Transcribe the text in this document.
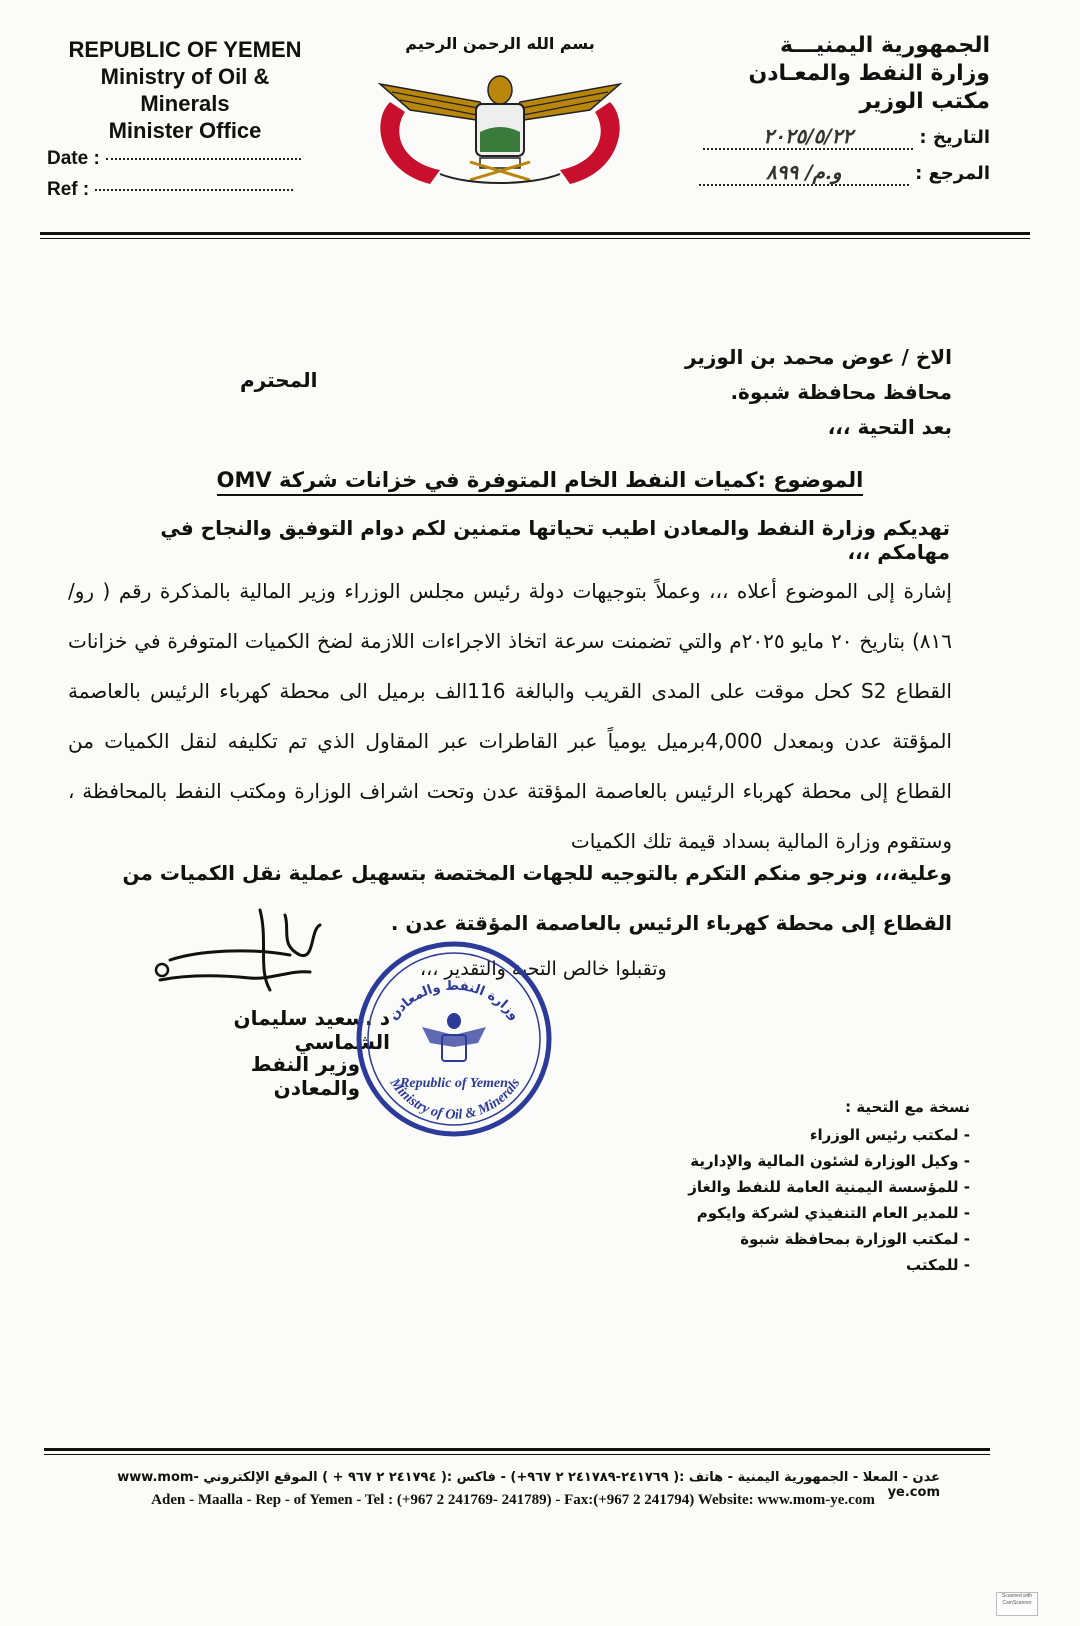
REPUBLIC OF YEMEN
Ministry of Oil &
Minerals
Minister Office
Date :
Ref :
بسم الله الرحمن الرحيم	الجمهورية اليمنيـــة
وزارة النفط والمعـادن
مكتب الوزير
التاريخ : ٢٠٢٥/٥/٢٢
المرجع : و.م/ ٨٩٩
الاخ / عوض محمد بن الوزير
محافظ محافظة شبوة.
بعد التحية ،،،
المحترم
الموضوع :كميات النفط الخام المتوفرة في خزانات شركة OMV
تهديكم وزارة النفط والمعادن اطيب تحياتها متمنين لكم دوام التوفيق والنجاح في مهامكم ،،،
إشارة إلى الموضوع أعلاه ،،، وعملاً بتوجيهات دولة رئيس مجلس الوزراء وزير المالية بالمذكرة رقم ( رو/٨١٦) بتاريخ ٢٠ مايو ٢٠٢٥م والتي تضمنت سرعة اتخاذ الاجراءات اللازمة لضخ الكميات المتوفرة في خزانات القطاع S2 كحل موقت على المدى القريب والبالغة 116الف برميل الى محطة كهرباء الرئيس بالعاصمة المؤقتة عدن وبمعدل 4,000برميل يومياً عبر القاطرات عبر المقاول الذي تم تكليفه لنقل الكميات من القطاع إلى محطة كهرباء الرئيس بالعاصمة المؤقتة عدن وتحت اشراف الوزارة ومكتب النفط بالمحافظة ، وستقوم وزارة المالية بسداد قيمة تلك الكميات
وعلية،،، ونرجو منكم التكرم بالتوجيه للجهات المختصة بتسهيل عملية نقل الكميات من القطاع إلى محطة كهرباء الرئيس بالعاصمة المؤقتة عدن .
وتقبلوا خالص التحية والتقدير ،،،
د .سعيد سليمان الشماسي
وزير النفط والمعادن
وزارة النفط والمعادن
Republic of Yemen
Ministry of Oil & Minerals
نسخة مع التحية :
- لمكتب رئيس الوزراء
- وكيل الوزارة لشئون المالية والإدارية
- للمؤسسة اليمنية العامة للنفط والغاز
- للمدير العام التنفيذي لشركة وايكوم
- لمكتب الوزارة بمحافظة شبوة
- للمكتب
عدن - المعلا - الجمهورية اليمنية - هاتف :( ٢٤١٧٦٩-٢٤١٧٨٩ ٢ ٩٦٧+) - فاكس :( ٢٤١٧٩٤ ٢ ٩٦٧ + ) الموقع الإلكتروني www.mom-ye.com
Aden - Maalla - Rep - of Yemen - Tel : (+967 2 241769- 241789) - Fax:(+967 2 241794) Website: www.mom-ye.com
Scanned with
CamScanner
